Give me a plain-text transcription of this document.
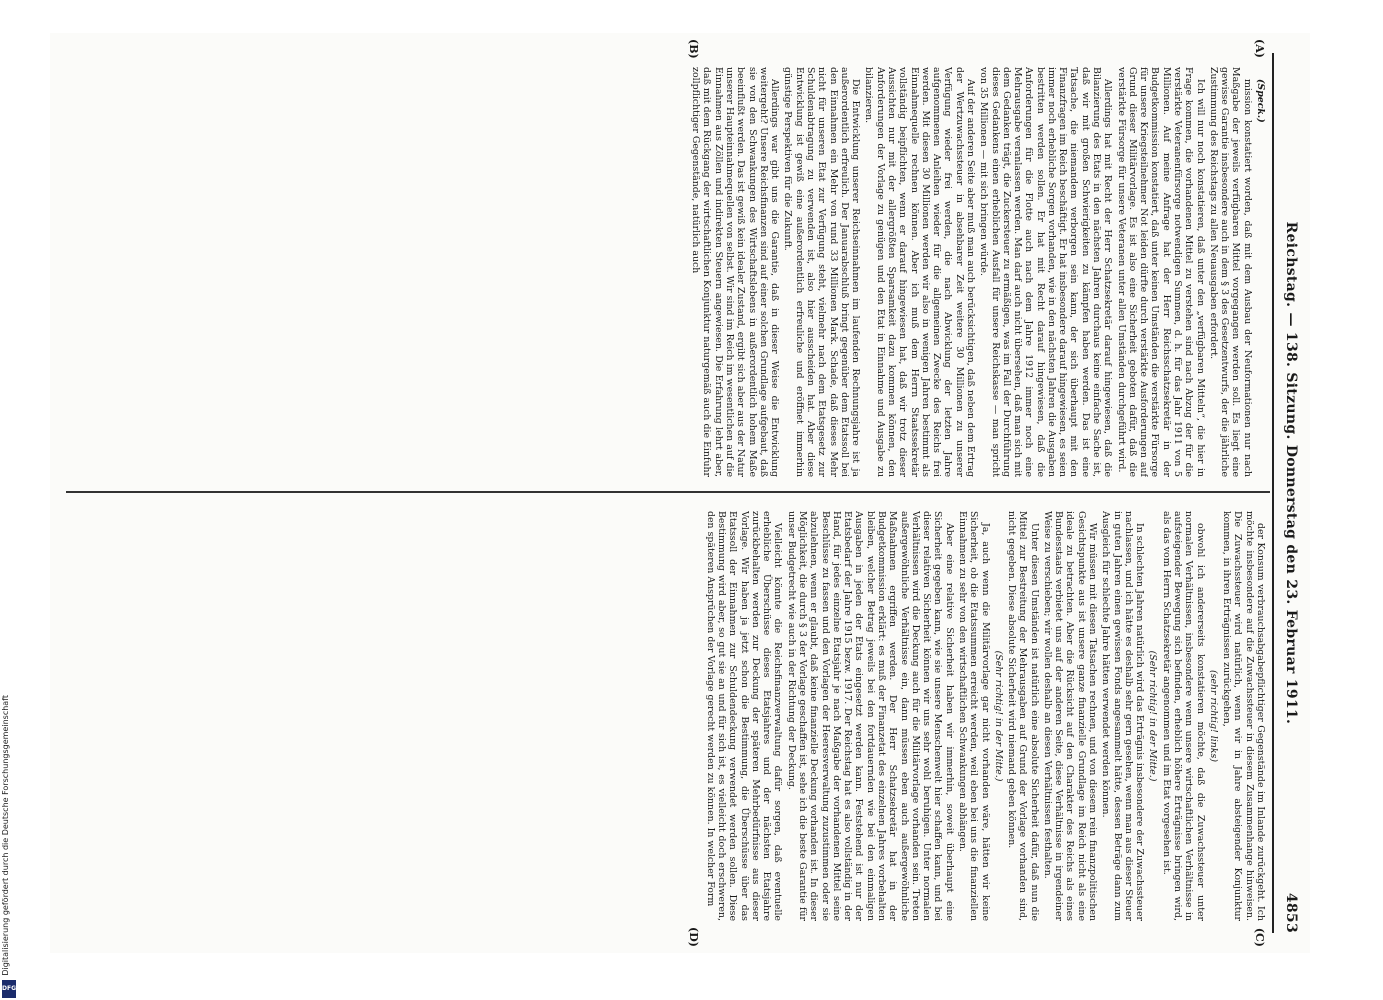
Reichstag. — 138. Sitzung. Donnerstag den 23. Februar 1911.
4853
(A)
(B)
(C)
(D)

(Speck.)

mission konstatiert worden, daß mit dem Ausbau der Neuformationen nur nach Maßgabe der jeweils verfügbaren Mittel vorgegangen werden soll. Es liegt eine gewisse Garantie insbesondere auch in dem § 3 des Gesetzentwurfs, der die jährliche Zustimmung des Reichstags zu allen Neuausgaben erfordert.

Ich will nur noch konstatieren, daß unter den „verfügbaren Mitteln“, die hier in Frage kommen, die vorhandenen Mittel zu verstehen sind nach Abzug der für die verstärkte Veteranenfürsorge notwendigen Summen, d. h. für das Jahr 1911 von 5 Millionen. Auf meine Anfrage hat der Herr Reichsschatzsekretär in der Budgetkommission konstatiert, daß unter keinen Umständen die verstärkte Fürsorge für unsere Kriegsteilnehmer Not leiden dürfte durch verstärkte Ausforderungen auf Grund dieser Militärvorlage. Es ist also eine Sicherheit geboten dafür, daß die verstärkte Fürsorge für unsere Veteranen unter allen Umständen durchgeführt wird.

Allerdings hat mit Recht der Herr Schatzsekretär darauf hingewiesen, daß die Bilanzierung des Etats in den nächsten Jahren durchaus keine einfache Sache ist, daß wir mit großen Schwierigkeiten zu kämpfen haben werden. Das ist eine Tatsache, die niemandem verborgen sein kann, der sich überhaupt mit den Finanzfragen im Reich beschäftigt. Er hat insbesondere darauf hingewiesen, es seien immer noch erhebliche Sorgen vorhanden, wie in den nächsten Jahren die Ausgaben bestritten werden sollen. Er hat mit Recht darauf hingewiesen, daß die Anforderungen für die Flotte auch nach dem Jahre 1912 immer noch eine Mehrausgabe veranlassen werden. Man darf auch nicht übersehen, daß man sich mit dem Gedanken trägt, die Zuckersteuer zu ermäßigen, was im Fall der Durchführung dieses Gedankens einen erheblichen Ausfall für unsere Reichskasse — man spricht von 35 Millionen — mit sich bringen würde.

Auf der anderen Seite aber muß man auch berücksichtigen, daß neben dem Ertrag der Wertzuwachssteuer in absehbarer Zeit weitere 30 Millionen zu unserer Verfügung wieder frei werden, die nach Abwicklung der letzten Jahre aufgenommenen Anleihen wieder für die allgemeinen Zwecke des Reichs frei werden. Mit diesen 30 Millionen werden wir also in wenigen Jahren bestimmt als Einnahmequelle rechnen können. Aber ich muß dem Herrn Staatssekretär vollständig beipflichten, wenn er darauf hingewiesen hat, daß wir trotz dieser Aussichten nur mit der allergrößten Sparsamkeit dazu kommen können, den Anforderungen der Vorlage zu genügen und den Etat in Einnahme und Ausgabe zu bilanzieren.

Die Entwicklung unserer Reichseinnahmen im laufenden Rechnungsjahre ist ja außerordentlich erfreulich. Der Januarabschluß bringt gegenüber dem Etatssoll bei den Einnahmen ein Mehr von rund 33 Millionen Mark. Schade, daß dieses Mehr nicht für unseren Etat zur Verfügung steht, vielmehr nach dem Etatsgesetz zur Schuldenabtragung zu verwenden ist, also hier ausscheiden hat. Aber diese Entwicklung ist gewiß eine außerordentlich erfreuliche und eröffnet immerhin günstige Perspektiven für die Zukunft.

Allerdings war gibt uns die Garantie, daß in dieser Weise die Entwicklung weitergeht? Unsere Reichsfinanzen sind auf einer solchen Grundlage aufgebaut, daß sie von den Schwankungen des Wirtschaftslebens in außerordentlich hohem Maße beeinflußt werden. Das ist gewiß kein idealer Zustand, ergibt sich aber aus der Natur unserer Haupteinnahmequellen von selbst. Wir sind im Reich im wesentlichen auf die Einnahmen aus Zöllen und indirekten Steuern angewiesen. Die Erfahrung lehrt aber, daß mit dem Rückgang der wirtschaftlichen Konjunktur naturgemäß auch die Einfuhr zollpflichtiger Gegenstände, natürlich auch

der Konsum verbrauchsabgabepflichtiger Gegenstände im Inlande zurückgeht. Ich möchte insbesondere auf die Zuwachssteuer in diesem Zusammenhange hinweisen. Die Zuwachssteuer wird natürlich, wenn wir in Jahre absteigender Konjunktur kommen, in ihren Erträgnissen zurückgehen,

(sehr richtig! links)

obwohl ich andererseits konstatieren möchte, daß die Zuwachssteuer unter normalen Verhältnissen, insbesondere wenn unsere wirtschaftlichen Verhältnisse in aufsteigender Bewegung sich befinden, erheblich höhere Erträgnisse bringen wird, als das vom Herrn Schatzsekretär angenommen und im Etat vorgesehen ist.

(Sehr richtig! in der Mitte.)

In schlechten Jahren natürlich wird das Erträgnis insbesondere der Zuwachssteuer nachlassen, und ich hätte es deshalb sehr gern gesehen, wenn man aus dieser Steuer in guten Jahren einen gewissen Fonds angesammelt hätte, dessen Beträge dann zum Ausgleich für schlechte Jahre hätten verwendet werden können.

Wir müssen mit diesen Tatsachen rechnen, und von diesem rein finanzpolitischen Gesichtspunkte aus ist unsere ganze finanzielle Grundlage im Reich nicht als eine ideale zu betrachten. Aber die Rücksicht auf den Charakter des Reichs als eines Bundesstaats verbietet uns auf der anderen Seite, diese Verhältnisse in irgendeiner Weise zu verschieben; wir wollen deshalb an diesen Verhältnissen festhalten.

Unter diesen Umständen ist natürlich eine absolute Sicherheit dafür, daß nun die Mittel zur Bestreitung der Mehrausgaben auf Grund der Vorlage vorhanden sind, nicht gegeben. Diese absolute Sicherheit wird niemand geben können.

(Sehr richtig! in der Mitte.)

Ja, auch wenn die Militärvorlage gar nicht vorhanden wäre, hätten wir keine Sicherheit, ob die Etatssummen erreicht werden, weil eben bei uns die finanziellen Einnahmen zu sehr von den wirtschaftlichen Schwankungen abhängen.

Aber eine relative Sicherheit haben wir immerhin, soweit überhaupt eine Sicherheit gegeben kann, wie sie unsere Menschenwelt hier schaffen kann, und bei dieser relativen Sicherheit können wir uns sehr wohl beruhigen. Unter normalen Verhältnissen wird die Deckung auch für die Militärvorlage vorhanden sein. Treten außergewöhnliche Verhältnisse ein, dann müssen eben auch außergewöhnliche Maßnahmen ergriffen werden. Der Herr Schatzsekretär hat in der Budgetkommission erklärt: es muß der Finanzetat des einzelnen Jahres vorbehalten bleiben, welcher Betrag jeweils bei den fortdauernden wie bei den einmaligen Ausgaben in jeden der Etats eingesetzt werden kann. Feststehend ist nur der Etatsbedarf der Jahre 1915 bezw. 1917. Der Reichstag hat es also vollständig in der Hand, für jedes einzelne Etatsjahr je nach Maßgabe der vorhandenen Mittel seine Beschlüsse zu fassen und den Vorlagen der Heeresverwaltung zuzustimmen oder sie abzulehnen, wenn er glaubt, daß keine finanzielle Deckung vorhanden ist. In dieser Möglichkeit, die durch § 3 der Vorlage geschaffen ist, sehe ich die beste Garantie für unser Budgetrecht wie auch in der Richtung der Deckung.

Vielleicht könnte die Reichsfinanzverwaltung dafür sorgen, daß eventuelle erhebliche Überschüsse dieses Etatsjahres und der nächsten Etatsjahre zurückbehalten werden zur Deckung der späteren Mehrbedürfnisse aus dieser Vorlage. Wir haben ja jetzt schon die Bestimmung, die Überschüsse über das Etatssoll der Einnahmen zur Schuldendeckung verwendet werden sollen. Diese Bestimmung wird aber, so gut sie an und für sich ist, es vielleicht doch erschweren, den späteren Ansprüchen der Vorlage gerecht werden zu können. In welcher Form

Digitalisierung gefördert durch die Deutsche Forschungsgemeinschaft
DFG
